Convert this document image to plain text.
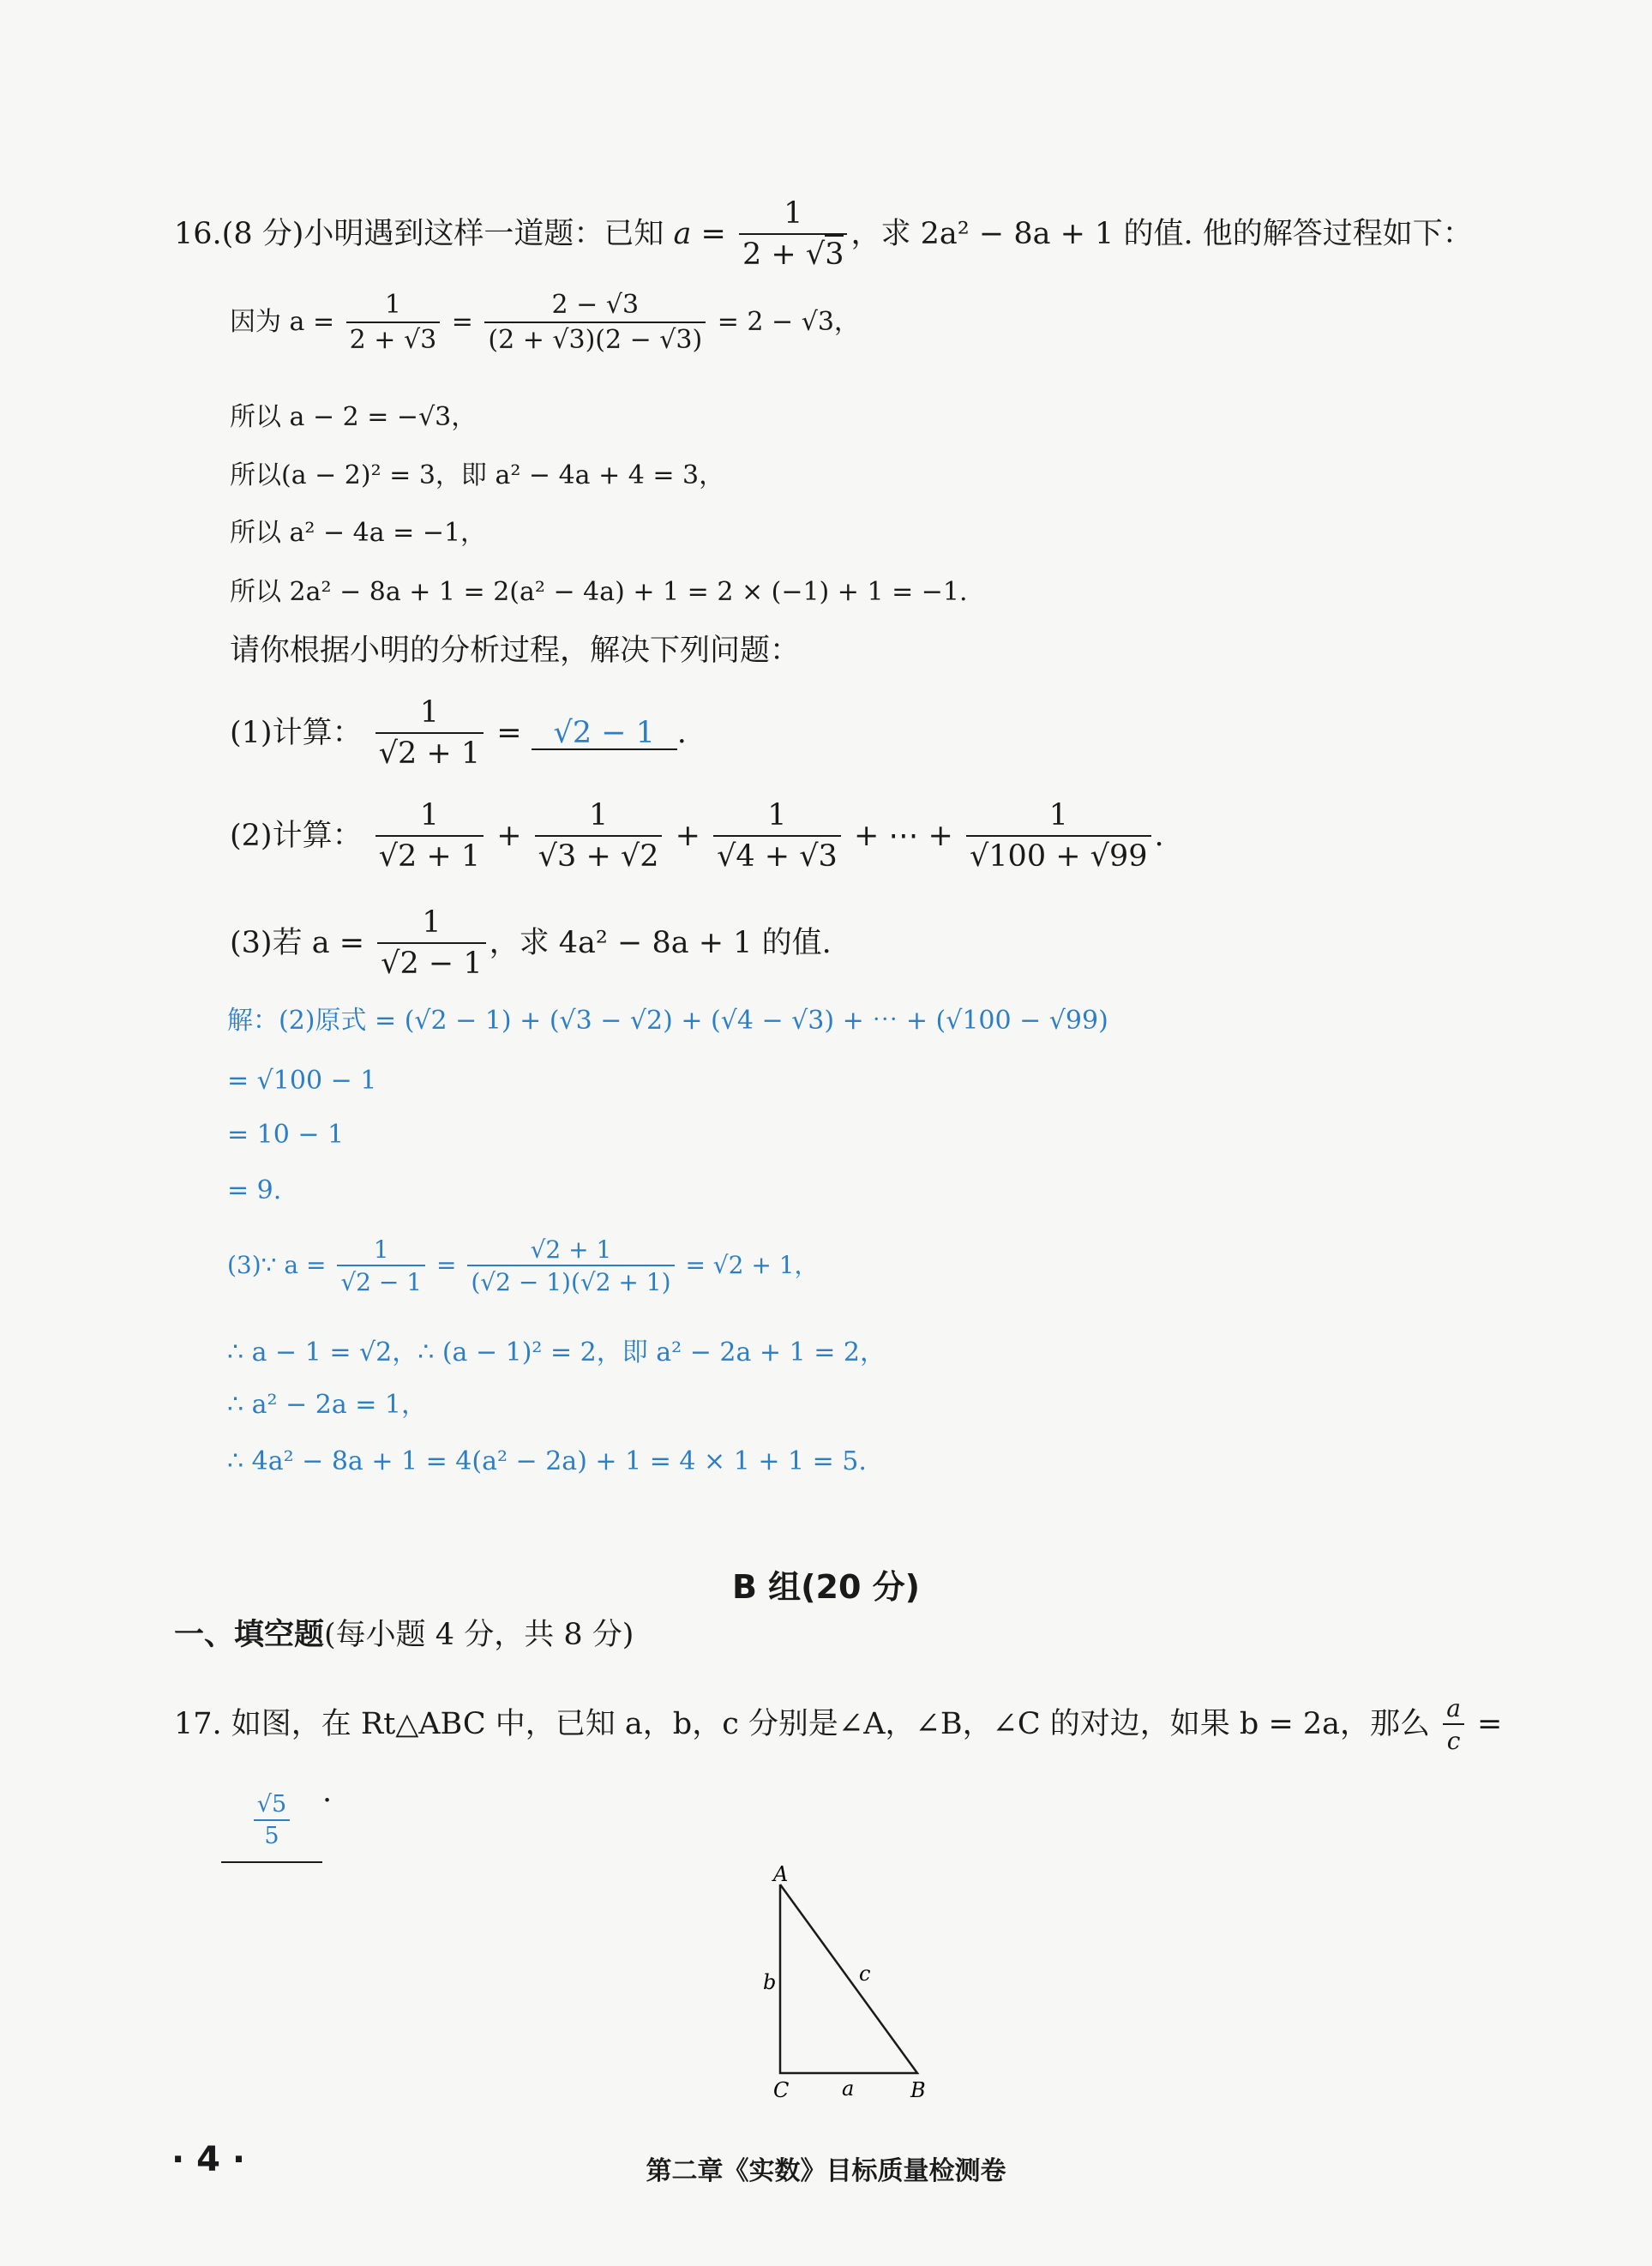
16.(8 分)小明遇到这样一道题：已知 $a = \frac{1}{2 + √3}$ ，求 2a² − 8a + 1 的值. 他的解答过程如下：
因为 $a = \frac{1}{2 + √3} = \frac{2 - √3}{(2 + √3)(2 - √3)} = 2 - √3$，
所以 a − 2 = −√3，
所以(a − 2)² = 3，即 a² − 4a + 4 = 3，
所以 a² − 4a = −1，
所以 2a² − 8a + 1 = 2(a² − 4a) + 1 = 2 × (−1) + 1 = −1.
请你根据小明的分析过程，解决下列问题：
(1)计算： $\frac{1}{√2 + 1} = √2 - 1$ .
(2)计算： $\frac{1}{√2 + 1} + \frac{1}{√3 + √2} + \frac{1}{√4 + √3}$ + ⋯ + $\frac{1}{√100 + √99}$ .
(3)若 $a = \frac{1}{√2 - 1}$ ，求 4a² − 8a + 1 的值.
解：(2)原式 = (√2 − 1) + (√3 − √2) + (√4 − √3) + ⋯ + (√100 − √99)
= √100 − 1
= 10 − 1
= 9.
(3)∵ $a = \frac{1}{√2 - 1} = \frac{√2 + 1}{(√2 - 1)(√2 + 1)} = √2 + 1$，
∴ a − 1 = √2，∴ (a − 1)² = 2，即 a² − 2a + 1 = 2，
∴ a² − 2a = 1，
∴ 4a² − 8a + 1 = 4(a² − 2a) + 1 = 4 × 1 + 1 = 5.
B 组(20 分)
一、填空题(每小题 4 分，共 8 分)
17. 如图，在 Rt△ABC 中，已知 a，b，c 分别是∠A，∠B，∠C 的对边，如果 b = 2a，那么 $\frac{a}{c}$ =
$\frac{√5}{5}$ .
A
C	B
b	c
a
· 4 ·	第二章《实数》目标质量检测卷
